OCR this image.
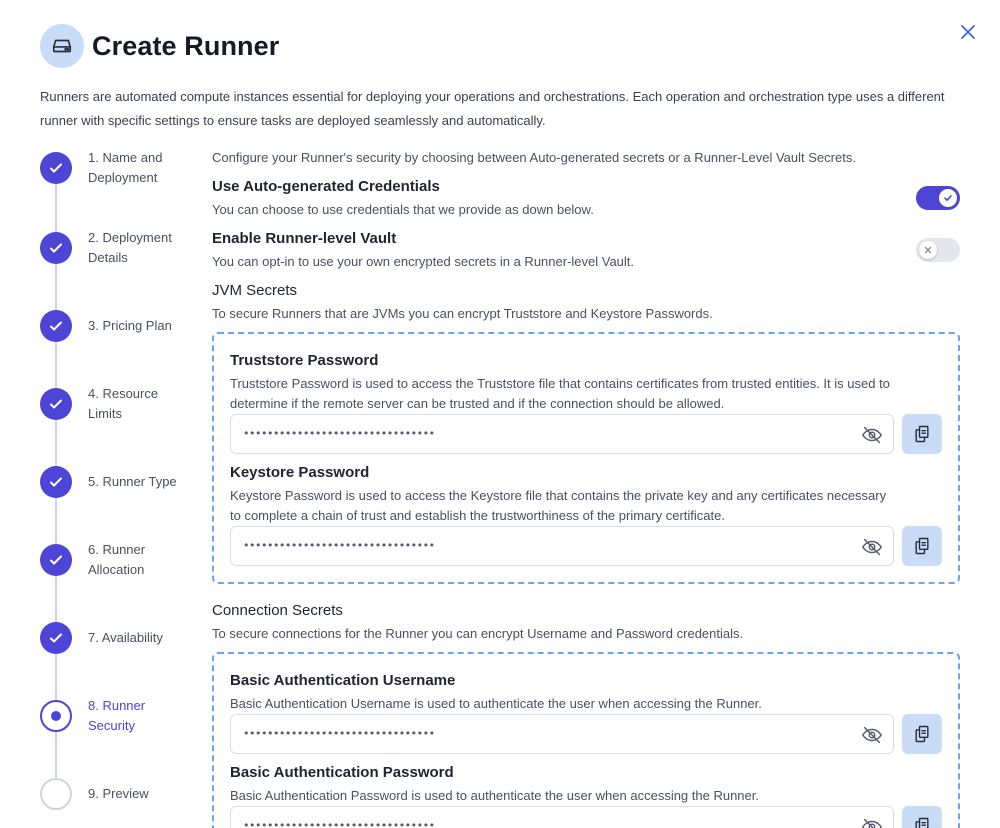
Create Runner
Runners are automated compute instances essential for deploying your operations and orchestrations. Each operation and orchestration type uses a different runner with specific settings to ensure tasks are deployed seamlessly and automatically.
1. Name and Deployment
2. Deployment Details
3. Pricing Plan
4. Resource Limits
5. Runner Type
6. Runner Allocation
7. Availability
8. Runner Security
9. Preview
Configure your Runner's security by choosing between Auto-generated secrets or a Runner-Level Vault Secrets.
Use Auto-generated Credentials
You can choose to use credentials that we provide as down below.
Enable Runner-level Vault
You can opt-in to use your own encrypted secrets in a Runner-level Vault.
JVM Secrets
To secure Runners that are JVMs you can encrypt Truststore and Keystore Passwords.
Truststore Password
Truststore Password is used to access the Truststore file that contains certificates from trusted entities. It is used to determine if the remote server can be trusted and if the connection should be allowed.
••••••••••••••••••••••••••••••••
Keystore Password
Keystore Password is used to access the Keystore file that contains the private key and any certificates necessary to complete a chain of trust and establish the trustworthiness of the primary certificate.
••••••••••••••••••••••••••••••••
Connection Secrets
To secure connections for the Runner you can encrypt Username and Password credentials.
Basic Authentication Username
Basic Authentication Username is used to authenticate the user when accessing the Runner.
••••••••••••••••••••••••••••••••
Basic Authentication Password
Basic Authentication Password is used to authenticate the user when accessing the Runner.
••••••••••••••••••••••••••••••••
